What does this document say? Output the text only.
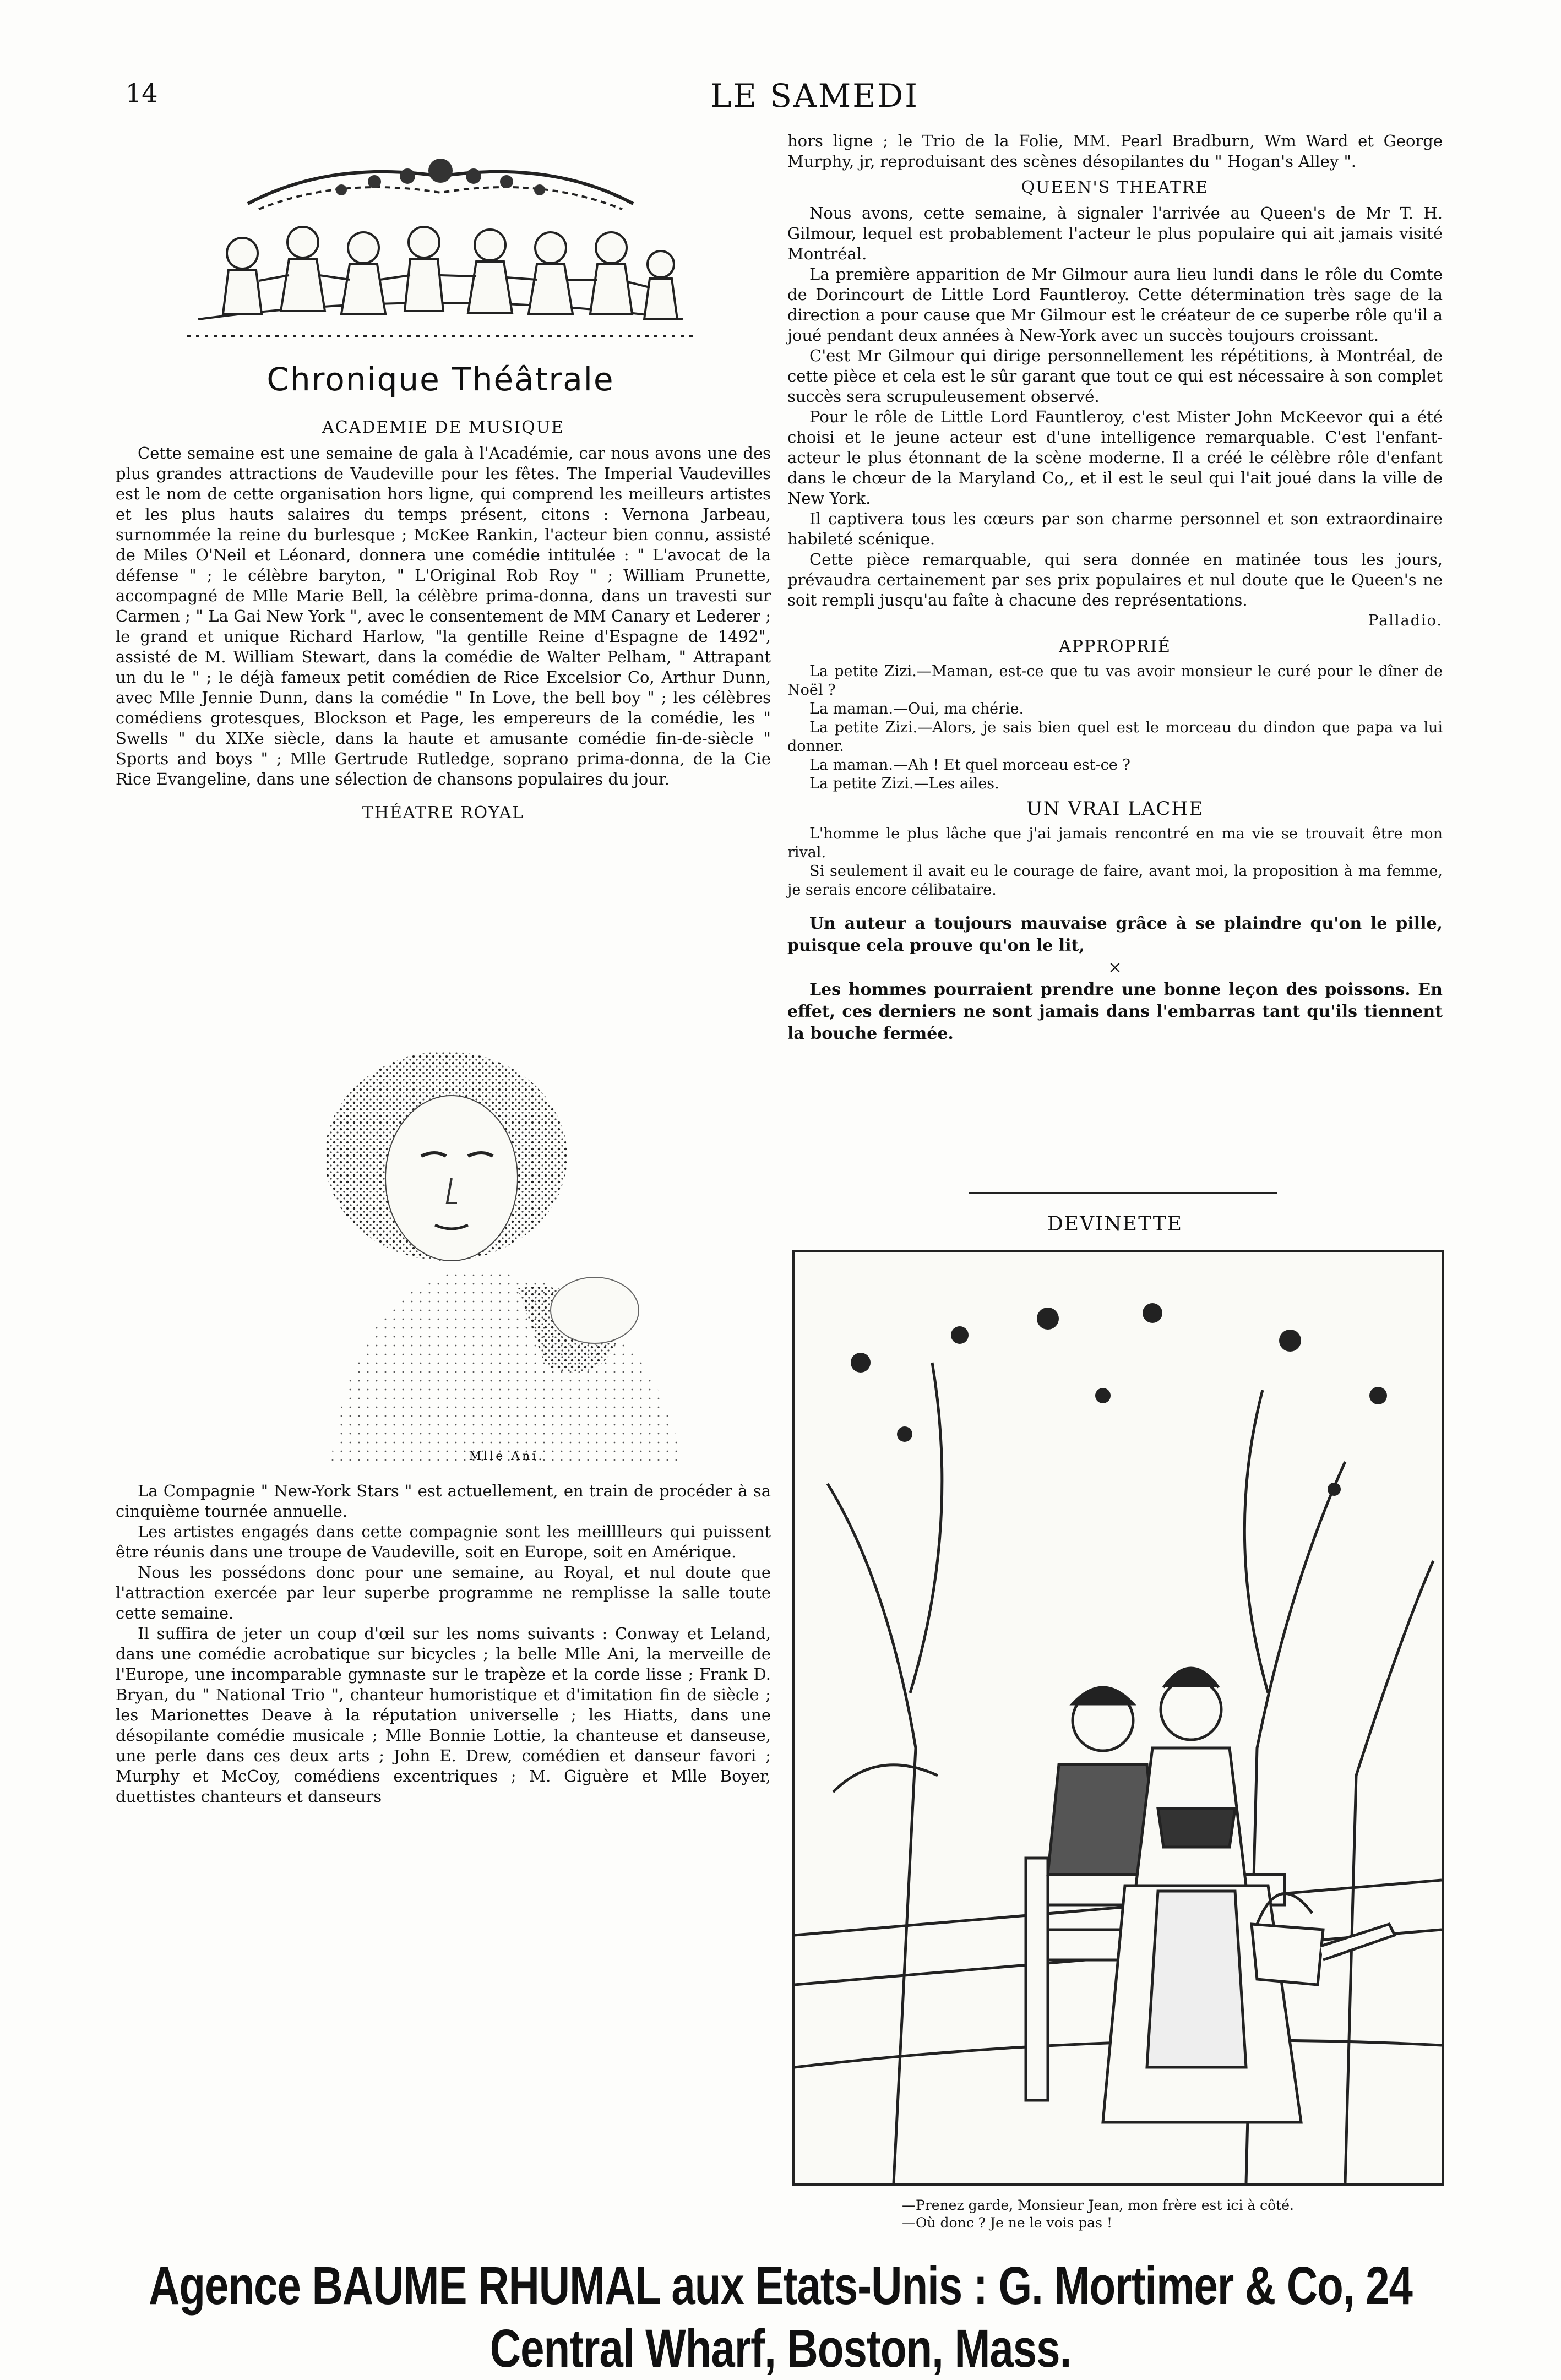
14	LE SAMEDI
Chronique Théâtrale
ACADEMIE DE MUSIQUE

Cette semaine est une semaine de gala à l'Académie, car nous avons une des plus grandes attractions de Vaudeville pour les fêtes. The Imperial Vaudevilles est le nom de cette organisation hors ligne, qui comprend les meilleurs artistes et les plus hauts salaires du temps présent, citons : Vernona Jarbeau, surnommée la reine du burlesque ; McKee Rankin, l'acteur bien connu, assisté de Miles O'Neil et Léonard, donnera une comédie intitulée : " L'avocat de la défense " ; le célèbre baryton, " L'Original Rob Roy " ; William Prunette, accompagné de Mlle Marie Bell, la célèbre prima-donna, dans un travesti sur Carmen ; " La Gai New York ", avec le consentement de MM Canary et Lederer ; le grand et unique Richard Harlow, "la gentille Reine d'Espagne de 1492", assisté de M. William Stewart, dans la comédie de Walter Pelham, " Attrapant un du le " ; le déjà fameux petit comédien de Rice Excelsior Co, Arthur Dunn, avec Mlle Jennie Dunn, dans la comédie " In Love, the bell boy " ; les célèbres comédiens grotesques, Blockson et Page, les empereurs de la comédie, les " Swells " du XIXe siècle, dans la haute et amusante comédie fin-de-siècle " Sports and boys " ; Mlle Gertrude Rutledge, soprano prima-donna, de la Cie Rice Evangeline, dans une sélection de chansons populaires du jour.

THÉATRE ROYAL
Mlle Ani.

La Compagnie " New-York Stars " est actuellement, en train de procéder à sa cinquième tournée annuelle.

Les artistes engagés dans cette compagnie sont les meilllleurs qui puissent être réunis dans une troupe de Vaudeville, soit en Europe, soit en Amérique.

Nous les possédons donc pour une semaine, au Royal, et nul doute que l'attraction exercée par leur superbe programme ne remplisse la salle toute cette semaine.

Il suffira de jeter un coup d'œil sur les noms suivants : Conway et Leland, dans une comédie acrobatique sur bicycles ; la belle Mlle Ani, la merveille de l'Europe, une incomparable gymnaste sur le trapèze et la corde lisse ; Frank D. Bryan, du " National Trio ", chanteur humoristique et d'imitation fin de siècle ; les Marionettes Deave à la réputation universelle ; les Hiatts, dans une désopilante comédie musicale ; Mlle Bonnie Lottie, la chanteuse et danseuse, une perle dans ces deux arts ; John E. Drew, comédien et danseur favori ; Murphy et McCoy, comédiens excentriques ; M. Giguère et Mlle Boyer, duettistes chanteurs et danseurs

hors ligne ; le Trio de la Folie, MM. Pearl Bradburn, Wm Ward et George Murphy, jr, reproduisant des scènes désopilantes du " Hogan's Alley ".

QUEEN'S THEATRE

Nous avons, cette semaine, à signaler l'arrivée au Queen's de Mr T. H. Gilmour, lequel est probablement l'acteur le plus populaire qui ait jamais visité Montréal.

La première apparition de Mr Gilmour aura lieu lundi dans le rôle du Comte de Dorincourt de Little Lord Fauntleroy. Cette détermination très sage de la direction a pour cause que Mr Gilmour est le créateur de ce superbe rôle qu'il a joué pendant deux années à New-York avec un succès toujours croissant.

C'est Mr Gilmour qui dirige personnellement les répétitions, à Montréal, de cette pièce et cela est le sûr garant que tout ce qui est nécessaire à son complet succès sera scrupuleusement observé.

Pour le rôle de Little Lord Fauntleroy, c'est Mister John McKeevor qui a été choisi et le jeune acteur est d'une intelligence remarquable. C'est l'enfant-acteur le plus étonnant de la scène moderne. Il a créé le célèbre rôle d'enfant dans le chœur de la Maryland Co,, et il est le seul qui l'ait joué dans la ville de New York.

Il captivera tous les cœurs par son charme personnel et son extraordinaire habileté scénique.

Cette pièce remarquable, qui sera donnée en matinée tous les jours, prévaudra certainement par ses prix populaires et nul doute que le Queen's ne soit rempli jusqu'au faîte à chacune des représentations.

Palladio.
APPROPRIÉ

La petite Zizi.—Maman, est-ce que tu vas avoir monsieur le curé pour le dîner de Noël ?

La maman.—Oui, ma chérie.

La petite Zizi.—Alors, je sais bien quel est le morceau du dindon que papa va lui donner.

La maman.—Ah ! Et quel morceau est-ce ?

La petite Zizi.—Les ailes.

UN VRAI LACHE

L'homme le plus lâche que j'ai jamais rencontré en ma vie se trouvait être mon rival.

Si seulement il avait eu le courage de faire, avant moi, la proposition à ma femme, je serais encore célibataire.

Un auteur a toujours mauvaise grâce à se plaindre qu'on le pille, puisque cela prouve qu'on le lit,

×

Les hommes pourraient prendre une bonne leçon des poissons. En effet, ces derniers ne sont jamais dans l'embarras tant qu'ils tiennent la bouche fermée.

DEVINETTE
—Prenez garde, Monsieur Jean, mon frère est ici à côté.
—Où donc ? Je ne le vois pas !
Agence BAUME RHUMAL aux Etats-Unis : G. Mortimer & Co, 24 Central Wharf, Boston, Mass.
